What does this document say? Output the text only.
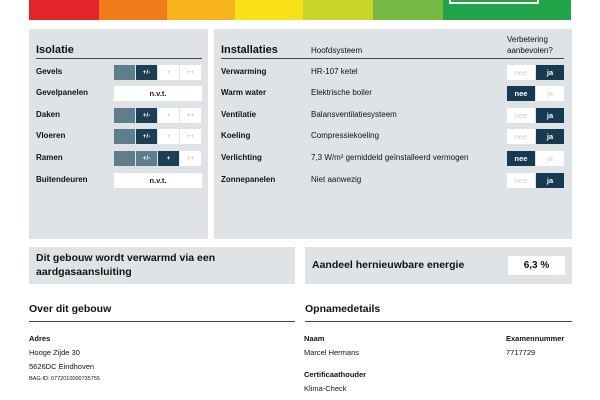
Isolatie
Gevels	+/-	+	++
Gevelpanelen	n.v.t.
Daken	+/-	+	++
Vloeren	+/-	+	++
Ramen	+/-	+	++
Buitendeuren	n.v.t.
Installaties	Hoofdsysteem
Verbetering
aanbevolen?
Verwarming	HR-107 ketel	nee	ja
Warm water	Elektrische boiler	nee	ja
Ventilatie	Balansventilatiesysteem	nee	ja
Koeling	Compressiekoeling	nee	ja
Verlichting	7,3 W/m² gemiddeld geïnstalleerd vermogen	nee	ja
Zonnepanelen	Niet aanwezig	nee	ja
Dit gebouw wordt verwarmd via een
aardgasaansluiting
Aandeel hernieuwbare energie	6,3 %
Over dit gebouw
Adres
Hooge Zijde 30
5626DC Eindhoven
BAG-ID: 0772010000735755
Opnamedetails
Naam
Marcel Hermans
Examennummer
7717729
Certificaathouder
Klima-Check
